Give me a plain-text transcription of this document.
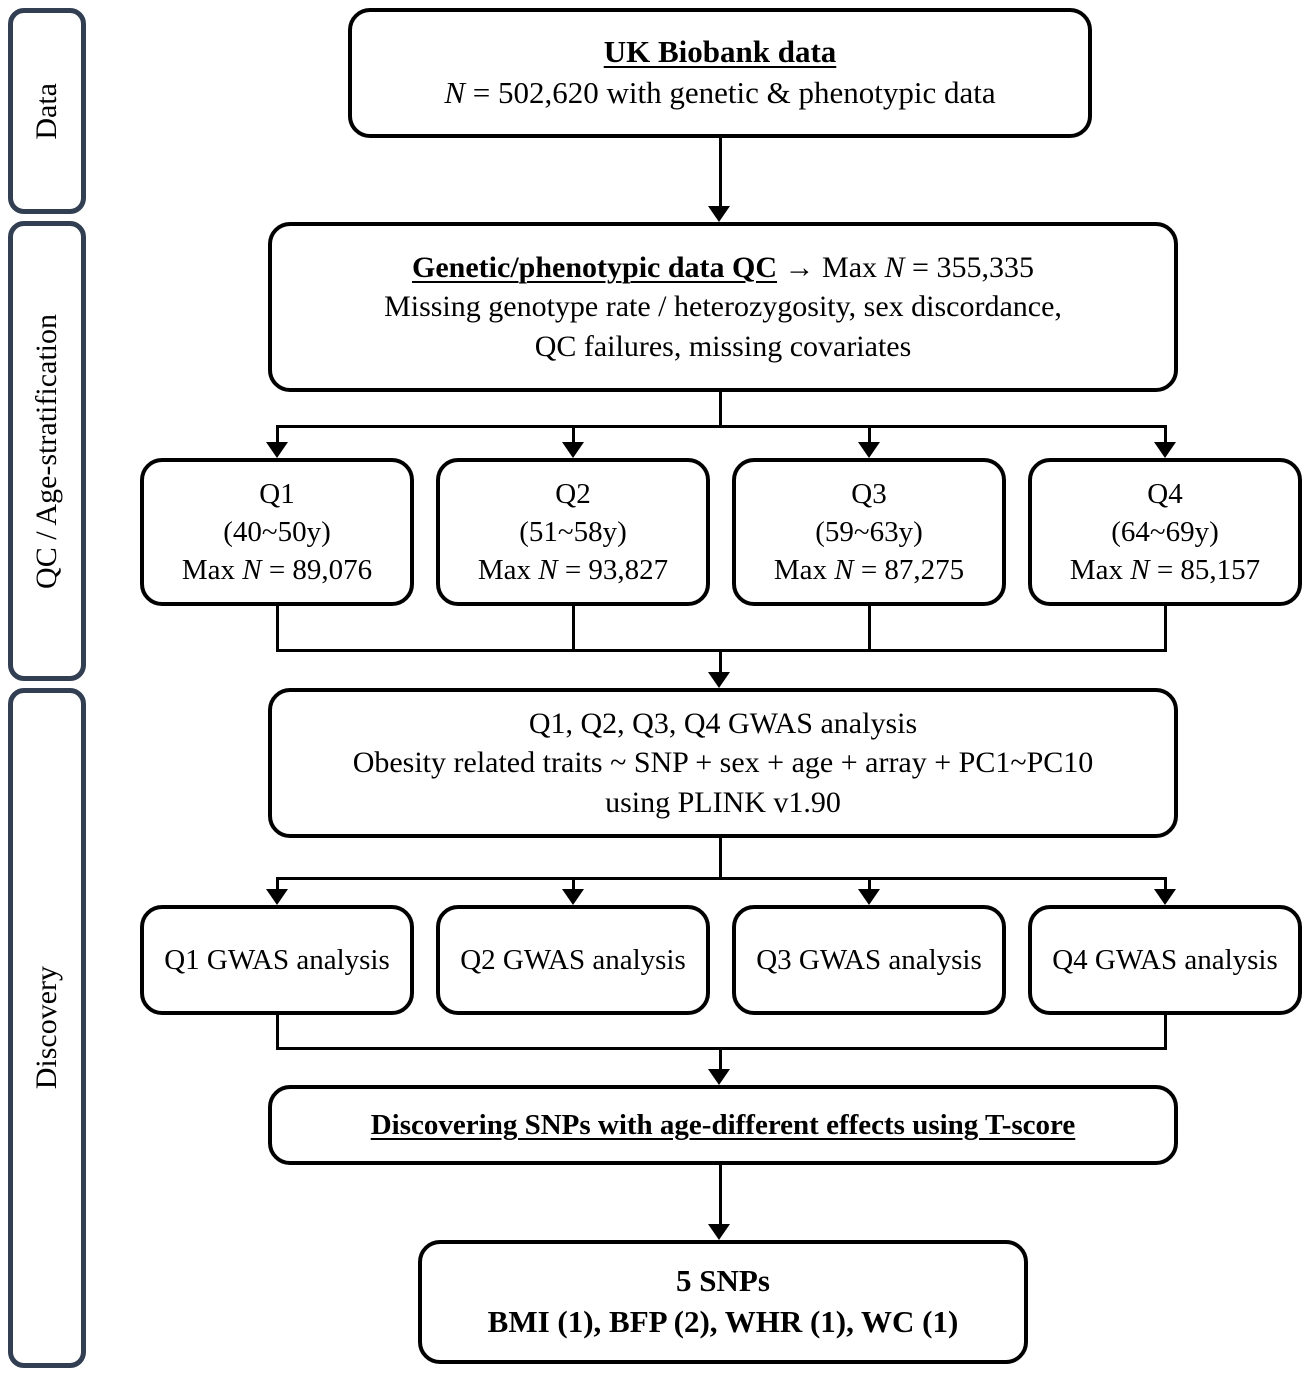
Data
QC / Age-stratification
Discovery
UK Biobank data
N = 502,620 with genetic & phenotypic data
Genetic/phenotypic data QC → Max N = 355,335
Missing genotype rate / heterozygosity, sex discordance,
QC failures, missing covariates
Q1
(40~50y)
Max N = 89,076
Q2
(51~58y)
Max N = 93,827
Q3
(59~63y)
Max N = 87,275
Q4
(64~69y)
Max N = 85,157
Q1, Q2, Q3, Q4 GWAS analysis
Obesity related traits ~ SNP + sex + age + array + PC1~PC10
using PLINK v1.90
Q1 GWAS analysis Q2 GWAS analysis Q3 GWAS analysis Q4 GWAS analysis
Discovering SNPs with age-different effects using T-score
5 SNPs
BMI (1), BFP (2), WHR (1), WC (1)
